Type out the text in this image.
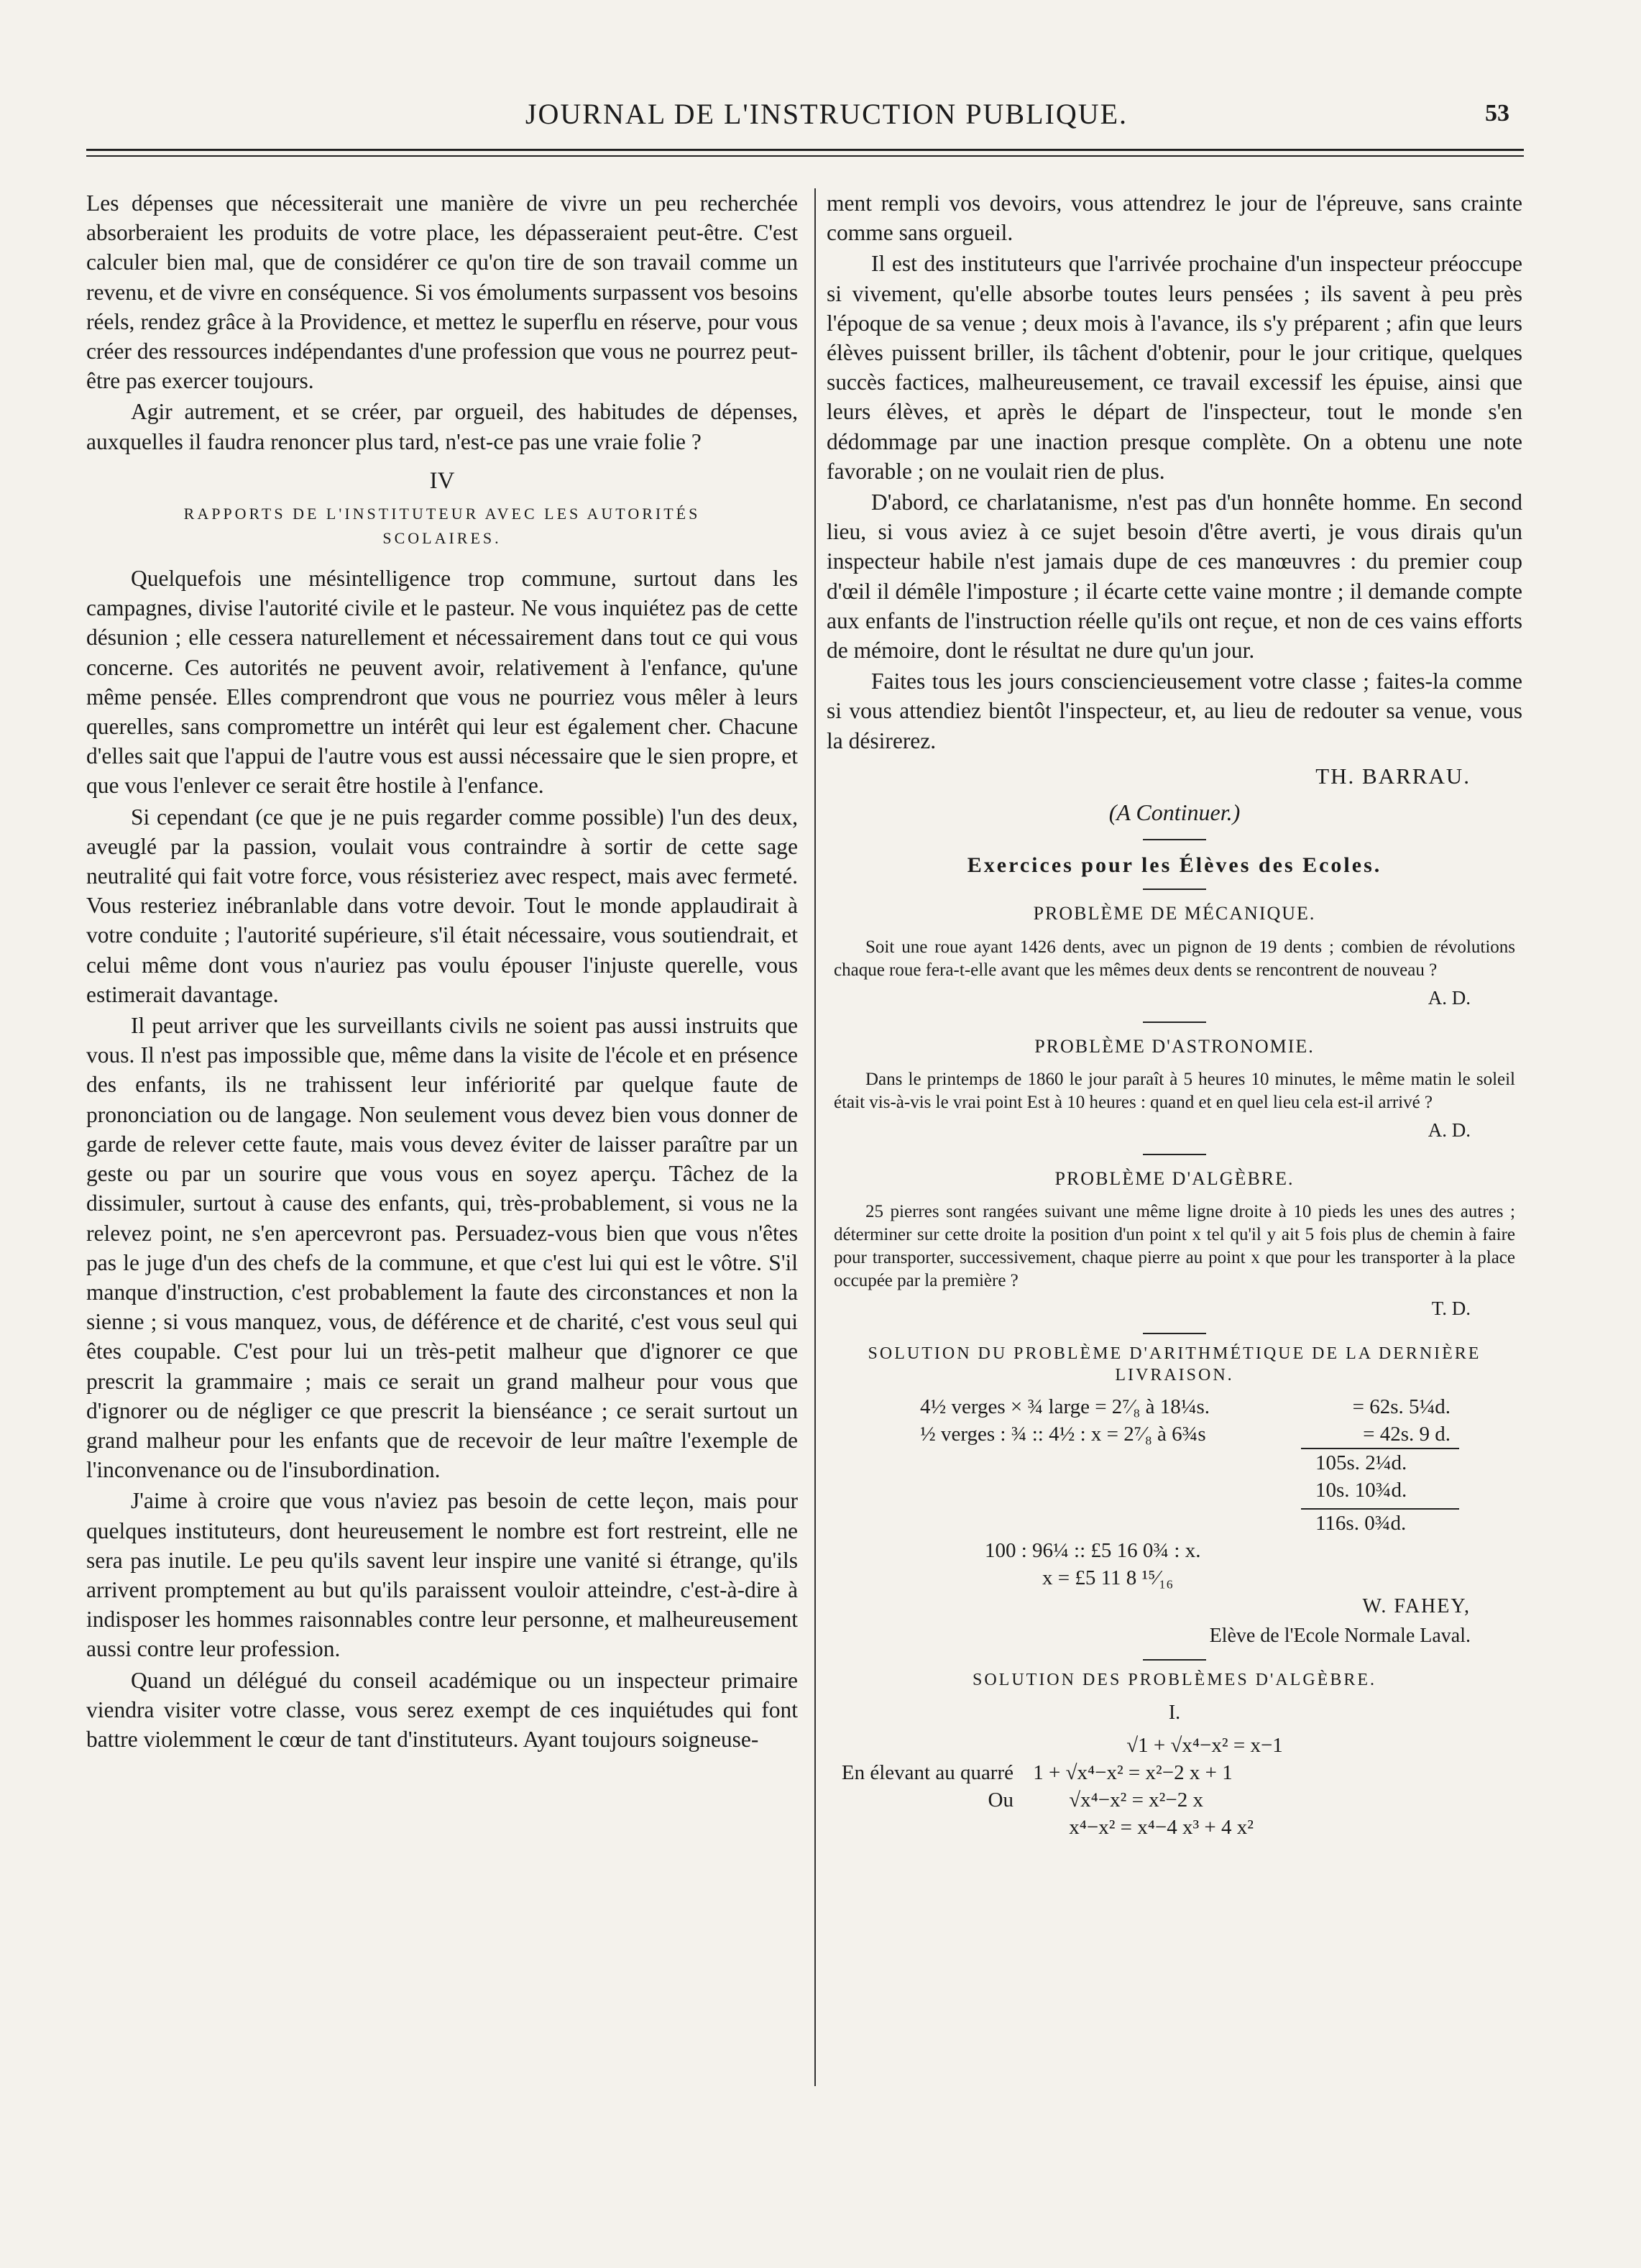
JOURNAL DE L'INSTRUCTION PUBLIQUE.	53

Les dépenses que nécessiterait une manière de vivre un peu recherchée absorberaient les produits de votre place, les dépasseraient peut-être. C'est calculer bien mal, que de considérer ce qu'on tire de son travail comme un revenu, et de vivre en conséquence. Si vos émoluments surpassent vos besoins réels, rendez grâce à la Providence, et mettez le superflu en réserve, pour vous créer des ressources indépendantes d'une profession que vous ne pourrez peut-être pas exercer toujours.

Agir autrement, et se créer, par orgueil, des habitudes de dépenses, auxquelles il faudra renoncer plus tard, n'est-ce pas une vraie folie ?

IV
RAPPORTS DE L'INSTITUTEUR AVEC LES AUTORITÉS SCOLAIRES.

Quelquefois une mésintelligence trop commune, surtout dans les campagnes, divise l'autorité civile et le pasteur. Ne vous inquiétez pas de cette désunion ; elle cessera naturellement et nécessairement dans tout ce qui vous concerne. Ces autorités ne peuvent avoir, relativement à l'enfance, qu'une même pensée. Elles comprendront que vous ne pourriez vous mêler à leurs querelles, sans compromettre un intérêt qui leur est également cher. Chacune d'elles sait que l'appui de l'autre vous est aussi nécessaire que le sien propre, et que vous l'enlever ce serait être hostile à l'enfance.

Si cependant (ce que je ne puis regarder comme possible) l'un des deux, aveuglé par la passion, voulait vous contraindre à sortir de cette sage neutralité qui fait votre force, vous résisteriez avec respect, mais avec fermeté. Vous resteriez inébranlable dans votre devoir. Tout le monde applaudirait à votre conduite ; l'autorité supérieure, s'il était nécessaire, vous soutiendrait, et celui même dont vous n'auriez pas voulu épouser l'injuste querelle, vous estimerait davantage.

Il peut arriver que les surveillants civils ne soient pas aussi instruits que vous. Il n'est pas impossible que, même dans la visite de l'école et en présence des enfants, ils ne trahissent leur infériorité par quelque faute de prononciation ou de langage. Non seulement vous devez bien vous donner de garde de relever cette faute, mais vous devez éviter de laisser paraître par un geste ou par un sourire que vous vous en soyez aperçu. Tâchez de la dissimuler, surtout à cause des enfants, qui, très-probablement, si vous ne la relevez point, ne s'en apercevront pas. Persuadez-vous bien que vous n'êtes pas le juge d'un des chefs de la commune, et que c'est lui qui est le vôtre. S'il manque d'instruction, c'est probablement la faute des circonstances et non la sienne ; si vous manquez, vous, de déférence et de charité, c'est vous seul qui êtes coupable. C'est pour lui un très-petit malheur que d'ignorer ce que prescrit la grammaire ; mais ce serait un grand malheur pour vous que d'ignorer ou de négliger ce que prescrit la bienséance ; ce serait surtout un grand malheur pour les enfants que de recevoir de leur maître l'exemple de l'inconvenance ou de l'insubordination.

J'aime à croire que vous n'aviez pas besoin de cette leçon, mais pour quelques instituteurs, dont heureusement le nombre est fort restreint, elle ne sera pas inutile. Le peu qu'ils savent leur inspire une vanité si étrange, qu'ils arrivent promptement au but qu'ils paraissent vouloir atteindre, c'est-à-dire à indisposer les hommes raisonnables contre leur personne, et malheureusement aussi contre leur profession.

Quand un délégué du conseil académique ou un inspecteur primaire viendra visiter votre classe, vous serez exempt de ces inquiétudes qui font battre violemment le cœur de tant d'instituteurs. Ayant toujours soigneuse-

ment rempli vos devoirs, vous attendrez le jour de l'épreuve, sans crainte comme sans orgueil.

Il est des instituteurs que l'arrivée prochaine d'un inspecteur préoccupe si vivement, qu'elle absorbe toutes leurs pensées ; ils savent à peu près l'époque de sa venue ; deux mois à l'avance, ils s'y préparent ; afin que leurs élèves puissent briller, ils tâchent d'obtenir, pour le jour critique, quelques succès factices, malheureusement, ce travail excessif les épuise, ainsi que leurs élèves, et après le départ de l'inspecteur, tout le monde s'en dédommage par une inaction presque complète. On a obtenu une note favorable ; on ne voulait rien de plus.

D'abord, ce charlatanisme, n'est pas d'un honnête homme. En second lieu, si vous aviez à ce sujet besoin d'être averti, je vous dirais qu'un inspecteur habile n'est jamais dupe de ces manœuvres : du premier coup d'œil il démêle l'imposture ; il écarte cette vaine montre ; il demande compte aux enfants de l'instruction réelle qu'ils ont reçue, et non de ces vains efforts de mémoire, dont le résultat ne dure qu'un jour.

Faites tous les jours consciencieusement votre classe ; faites-la comme si vous attendiez bientôt l'inspecteur, et, au lieu de redouter sa venue, vous la désirerez.

TH. BARRAU.
(A Continuer.)
Exercices pour les Élèves des Ecoles.
PROBLÈME DE MÉCANIQUE.
Soit une roue ayant 1426 dents, avec un pignon de 19 dents ; combien de révolutions chaque roue fera-t-elle avant que les mêmes deux dents se rencontrent de nouveau ?
A. D.
PROBLÈME D'ASTRONOMIE.
Dans le printemps de 1860 le jour paraît à 5 heures 10 minutes, le même matin le soleil était vis-à-vis le vrai point Est à 10 heures : quand et en quel lieu cela est-il arrivé ?
A. D.
PROBLÈME D'ALGÈBRE.
25 pierres sont rangées suivant une même ligne droite à 10 pieds les unes des autres ; déterminer sur cette droite la position d'un point x tel qu'il y ait 5 fois plus de chemin à faire pour transporter, successivement, chaque pierre au point x que pour les transporter à la place occupée par la première ?
T. D.
SOLUTION DU PROBLÈME D'ARITHMÉTIQUE DE LA DERNIÈRE LIVRAISON.
4½ verges × ¾ large = 2⁷⁄₈ à 18¼s.	= 62s. 5¼d.
½ verges : ¾ :: 4½ : x = 2⁷⁄₈ à 6¾s	= 42s. 9 d.
105s. 2¼d.
10s. 10¾d.
116s. 0¾d.
100 : 96¼ :: £5 16 0¾ : x.
x = £5 11 8 ¹⁵⁄₁₆
W. FAHEY,
Elève de l'Ecole Normale Laval.
SOLUTION DES PROBLÈMES D'ALGÈBRE.
I.
√1 + √x⁴−x² = x−1
En élevant au quarré 1 + √x⁴−x² = x²−2 x + 1
Ou	√x⁴−x² = x²−2 x
x⁴−x² = x⁴−4 x³ + 4 x²
